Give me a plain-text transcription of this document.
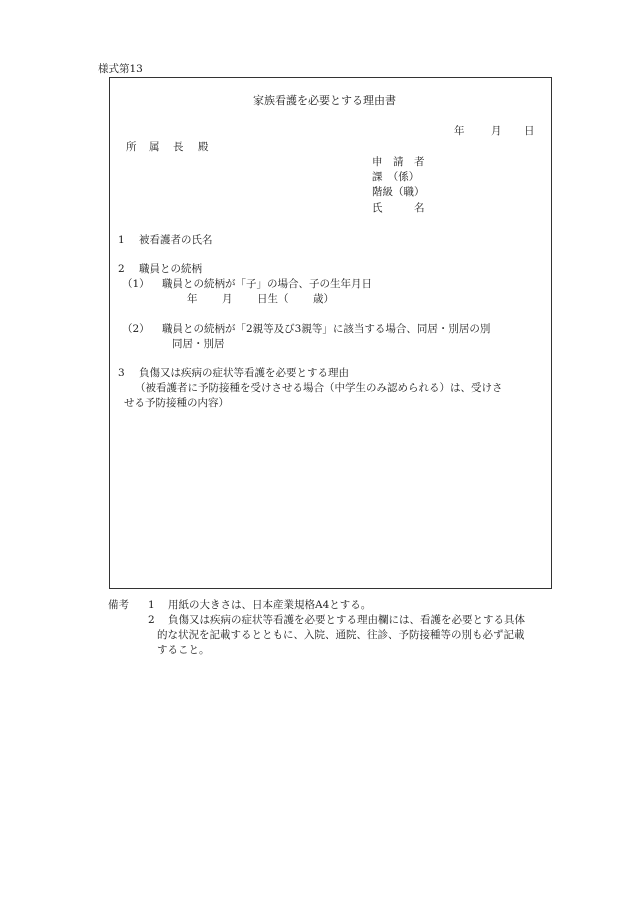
様式第13
家族看護を必要とする理由書
年	月 日
所 属 長 殿
申　請　者
課　（係）
階級（職）
氏　　　名
1 被看護者の氏名
2 職員との続柄
（1） 職員との続柄が「子」の場合、子の生年月日
年 月 日生（ 歳）
（2） 職員との続柄が「2親等及び3親等」に該当する場合、同居・別居の別
同居・別居
3 負傷又は疾病の症状等看護を必要とする理由
（被看護者に予防接種を受けさせる場合（中学生のみ認められる）は、受けさ
せる予防接種の内容）
備考 1 用紙の大きさは、日本産業規格A4とする。
2 負傷又は疾病の症状等看護を必要とする理由欄には、看護を必要とする具体
的な状況を記載するとともに、入院、通院、往診、予防接種等の別も必ず記載
すること。
